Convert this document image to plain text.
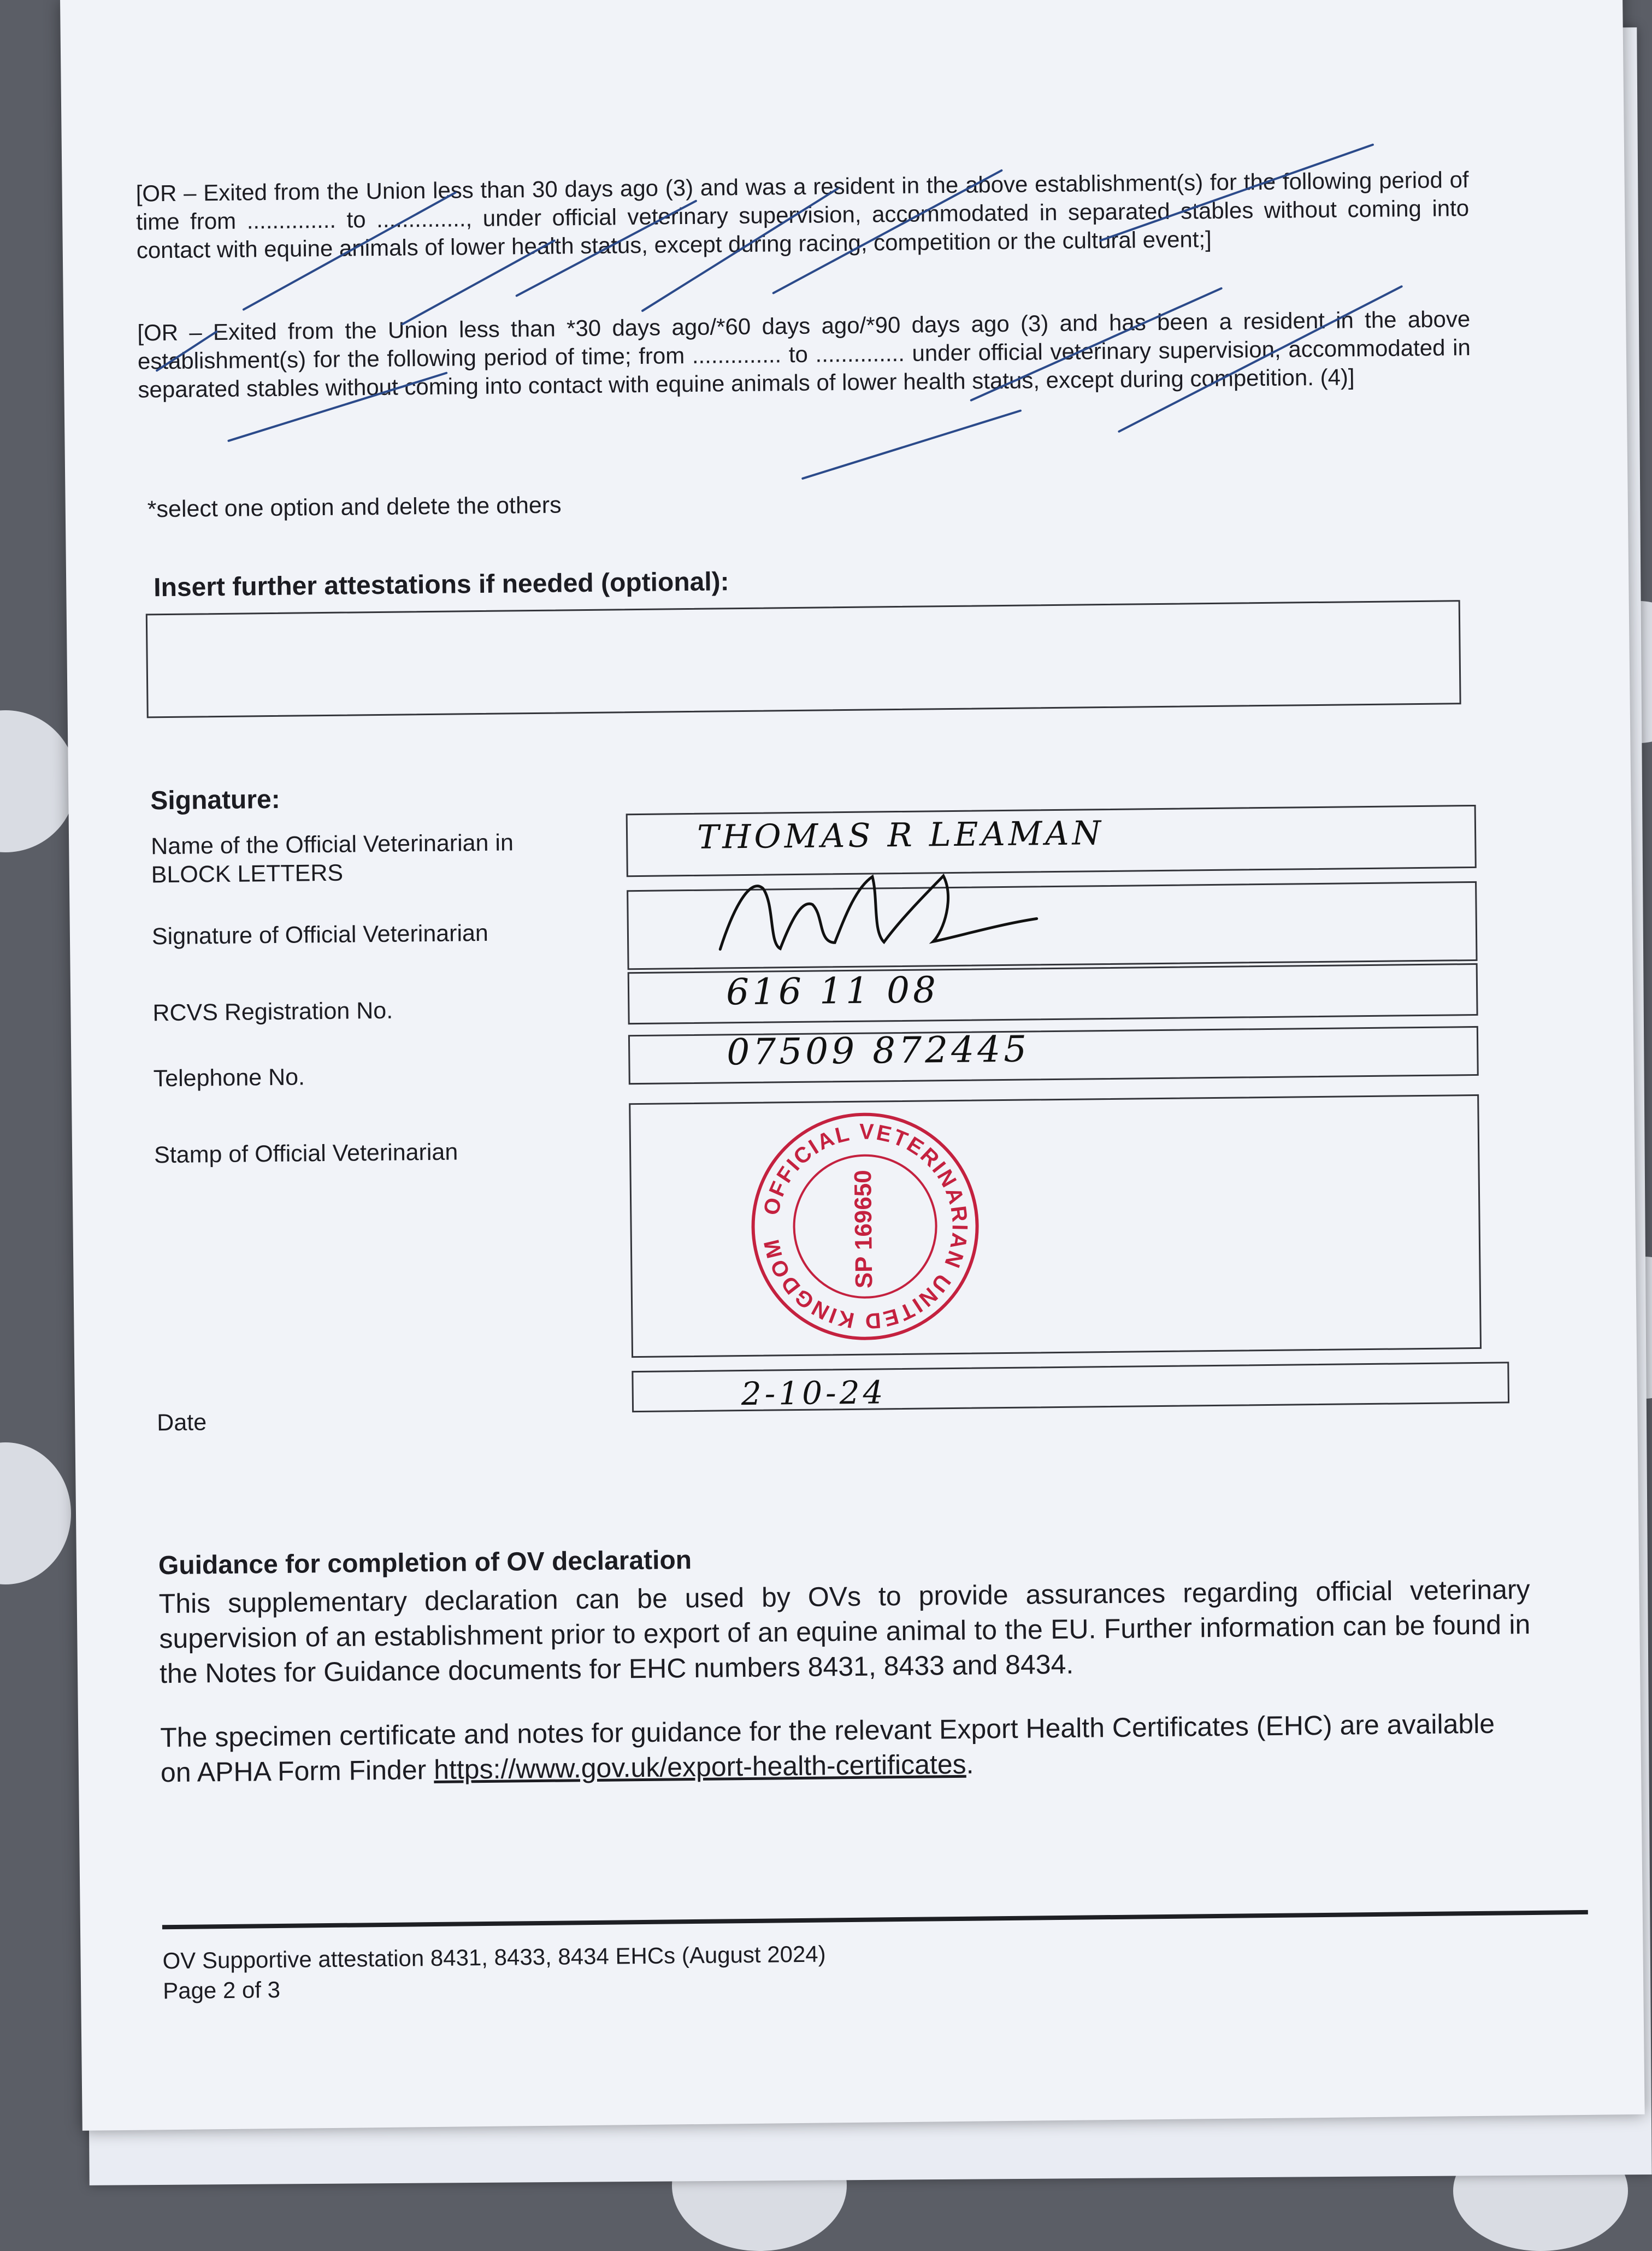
[OR – Exited from the Union less than 30 days ago (3) and was a resident in the above establishment(s) for the following period of time from .............. to .............., under official veterinary supervision, accommodated in separated stables without coming into contact with equine animals of lower health status, except during racing, competition or the cultural event;]
[OR – Exited from the Union less than *30 days ago/*60 days ago/*90 days ago (3) and has been a resident in the above establishment(s) for the following period of time; from .............. to .............. under official veterinary supervision, accommodated in separated stables without coming into contact with equine animals of lower health status, except during competition. (4)]
*select one option and delete the others
Insert further attestations if needed (optional):
Signature:
Name of the Official Veterinarian in
BLOCK LETTERS
THOMAS R LEAMAN
Signature of Official Veterinarian
RCVS Registration No.	616 11 08
Telephone No.
07509 872445
Stamp of Official Veterinarian
OFFICIAL VETERINARIAN UNITED KINGDOM	SP 169650
Date
2-10-24
Guidance for completion of OV declaration
This supplementary declaration can be used by OVs to provide assurances regarding official veterinary supervision of an establishment prior to export of an equine animal to the EU. Further information can be found in the Notes for Guidance documents for EHC numbers 8431, 8433 and 8434.
The specimen certificate and notes for guidance for the relevant Export Health Certificates (EHC) are available on APHA Form Finder https://www.gov.uk/export-health-certificates.
OV Supportive attestation 8431, 8433, 8434 EHCs (August 2024)
Page 2 of 3
